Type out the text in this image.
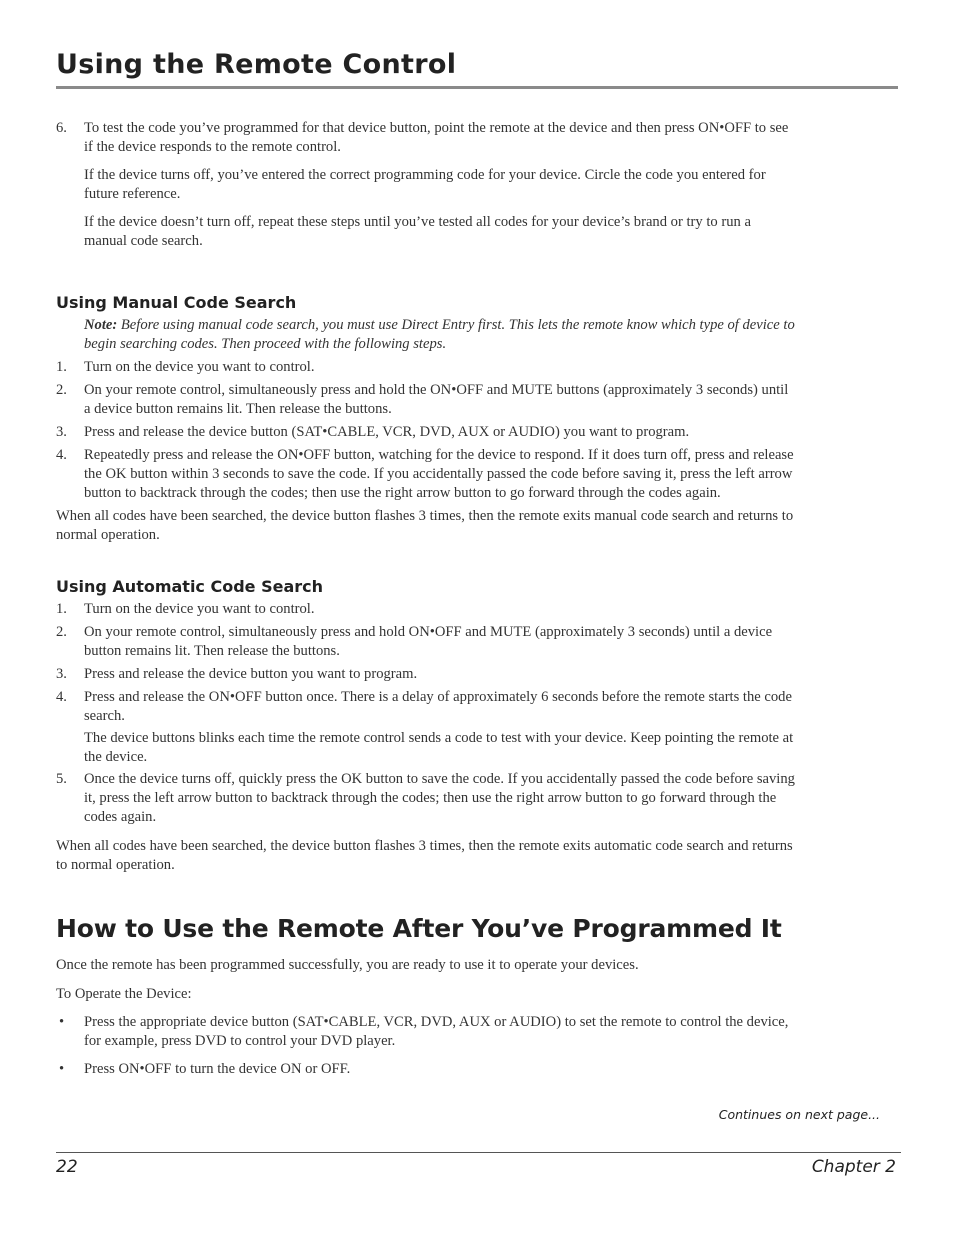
Using the Remote Control
6. To test the code you’ve programmed for that device button, point the remote at the device and then press ON•OFF to see if the device responds to the remote control.

If the device turns off, you’ve entered the correct programming code for your device. Circle the code you entered for future reference.

If the device doesn’t turn off, repeat these steps until you’ve tested all codes for your device’s brand or try to run a manual code search.

Using Manual Code Search

Note: Before using manual code search, you must use Direct Entry first. This lets the remote know which type of device to begin searching codes. Then proceed with the following steps.

1. Turn on the device you want to control.
2. On your remote control, simultaneously press and hold the ON•OFF and MUTE buttons (approximately 3 seconds) until a device button remains lit. Then release the buttons.
3. Press and release the device button (SAT•CABLE, VCR, DVD, AUX or AUDIO) you want to program.
4. Repeatedly press and release the ON•OFF button, watching for the device to respond. If it does turn off, press and release the OK button within 3 seconds to save the code. If you accidentally passed the code before saving it, press the left arrow button to backtrack through the codes; then use the right arrow button to go forward through the codes again.

When all codes have been searched, the device button flashes 3 times, then the remote exits manual code search and returns to normal operation.

Using Automatic Code Search
1. Turn on the device you want to control.
2. On your remote control, simultaneously press and hold ON•OFF and MUTE (approximately 3 seconds) until a device button remains lit. Then release the buttons.
3. Press and release the device button you want to program.
4. Press and release the ON•OFF button once. There is a delay of approximately 6 seconds before the remote starts the code search.

The device buttons blinks each time the remote control sends a code to test with your device. Keep pointing the remote at the device.

5. Once the device turns off, quickly press the OK button to save the code. If you accidentally passed the code before saving it, press the left arrow button to backtrack through the codes; then use the right arrow button to go forward through the codes again.

When all codes have been searched, the device button flashes 3 times, then the remote exits automatic code search and returns to normal operation.

How to Use the Remote After You’ve Programmed It

Once the remote has been programmed successfully, you are ready to use it to operate your devices.

To Operate the Device:

• Press the appropriate device button (SAT•CABLE, VCR, DVD, AUX or AUDIO) to set the remote to control the device, for example, press DVD to control your DVD player.
• Press ON•OFF to turn the device ON or OFF.
Continues on next page...
22	Chapter 2
